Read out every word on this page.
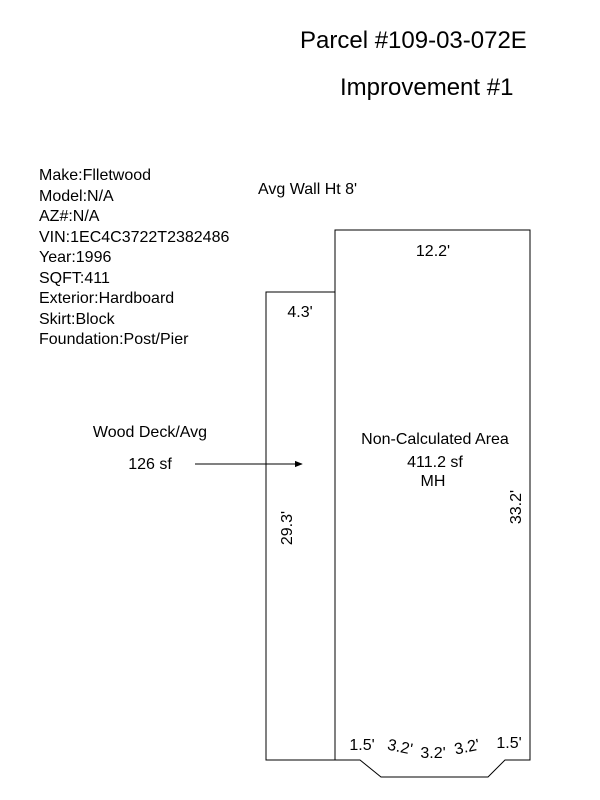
Parcel #109-03-072E
Improvement #1
Make:Flletwood
Model:N/A
AZ#:N/A
VIN:1EC4C3722T2382486
Year:1996
SQFT:411
Exterior:Hardboard
Skirt:Block
Foundation:Post/Pier
Avg Wall Ht 8'
4.3'
29.3'
Wood Deck/Avg
126 sf
12.2'
Non-Calculated Area
411.2 sf
MH
33.2'
1.5' 3.2' 3.2' 3.2' 1.5'
